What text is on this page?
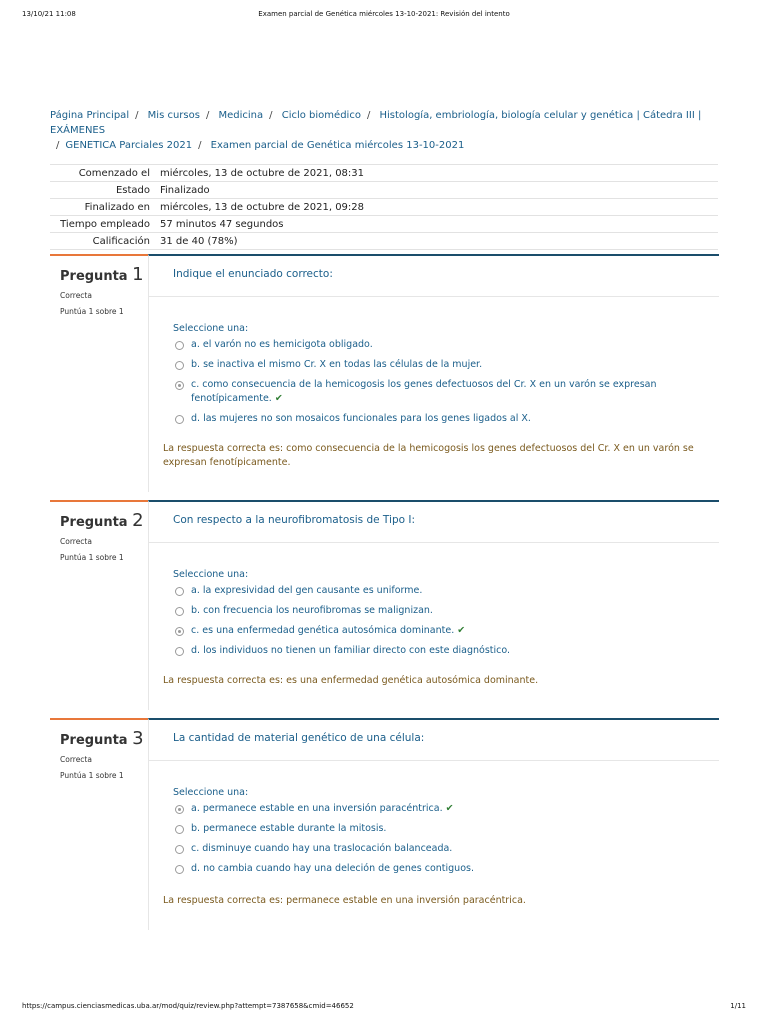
13/10/21 11:08	Examen parcial de Genética miércoles 13-10-2021: Revisión del intento
Página Principal / Mis cursos / Medicina / Ciclo biomédico / Histología, embriología, biología celular y genética | Cátedra III | EXÁMENES
/ GENETICA Parciales 2021 / Examen parcial de Genética miércoles 13-10-2021
Comenzado el	miércoles, 13 de octubre de 2021, 08:31
Estado	Finalizado
Finalizado en	miércoles, 13 de octubre de 2021, 09:28
Tiempo empleado	57 minutos 47 segundos
Calificación	31 de 40 (78%)
Pregunta 1
Correcta
Puntúa 1 sobre 1
Indique el enunciado correcto:
Seleccione una:
a. el varón no es hemicigota obligado.
b. se inactiva el mismo Cr. X en todas las células de la mujer.
c. como consecuencia de la hemicogosis los genes defectuosos del Cr. X en un varón se expresan fenotípicamente. ✔
d. las mujeres no son mosaicos funcionales para los genes ligados al X.
La respuesta correcta es: como consecuencia de la hemicogosis los genes defectuosos del Cr. X en un varón se expresan fenotípicamente.
Pregunta 2
Correcta
Puntúa 1 sobre 1
Con respecto a la neurofibromatosis de Tipo I:
Seleccione una:
a. la expresividad del gen causante es uniforme.
b. con frecuencia los neurofibromas se malignizan.
c. es una enfermedad genética autosómica dominante. ✔
d. los individuos no tienen un familiar directo con este diagnóstico.
La respuesta correcta es: es una enfermedad genética autosómica dominante.
Pregunta 3
Correcta
Puntúa 1 sobre 1
La cantidad de material genético de una célula:
Seleccione una:
a. permanece estable en una inversión paracéntrica. ✔
b. permanece estable durante la mitosis.
c. disminuye cuando hay una traslocación balanceada.
d. no cambia cuando hay una deleción de genes contiguos.
La respuesta correcta es: permanece estable en una inversión paracéntrica.
https://campus.cienciasmedicas.uba.ar/mod/quiz/review.php?attempt=7387658&cmid=46652	1/11
